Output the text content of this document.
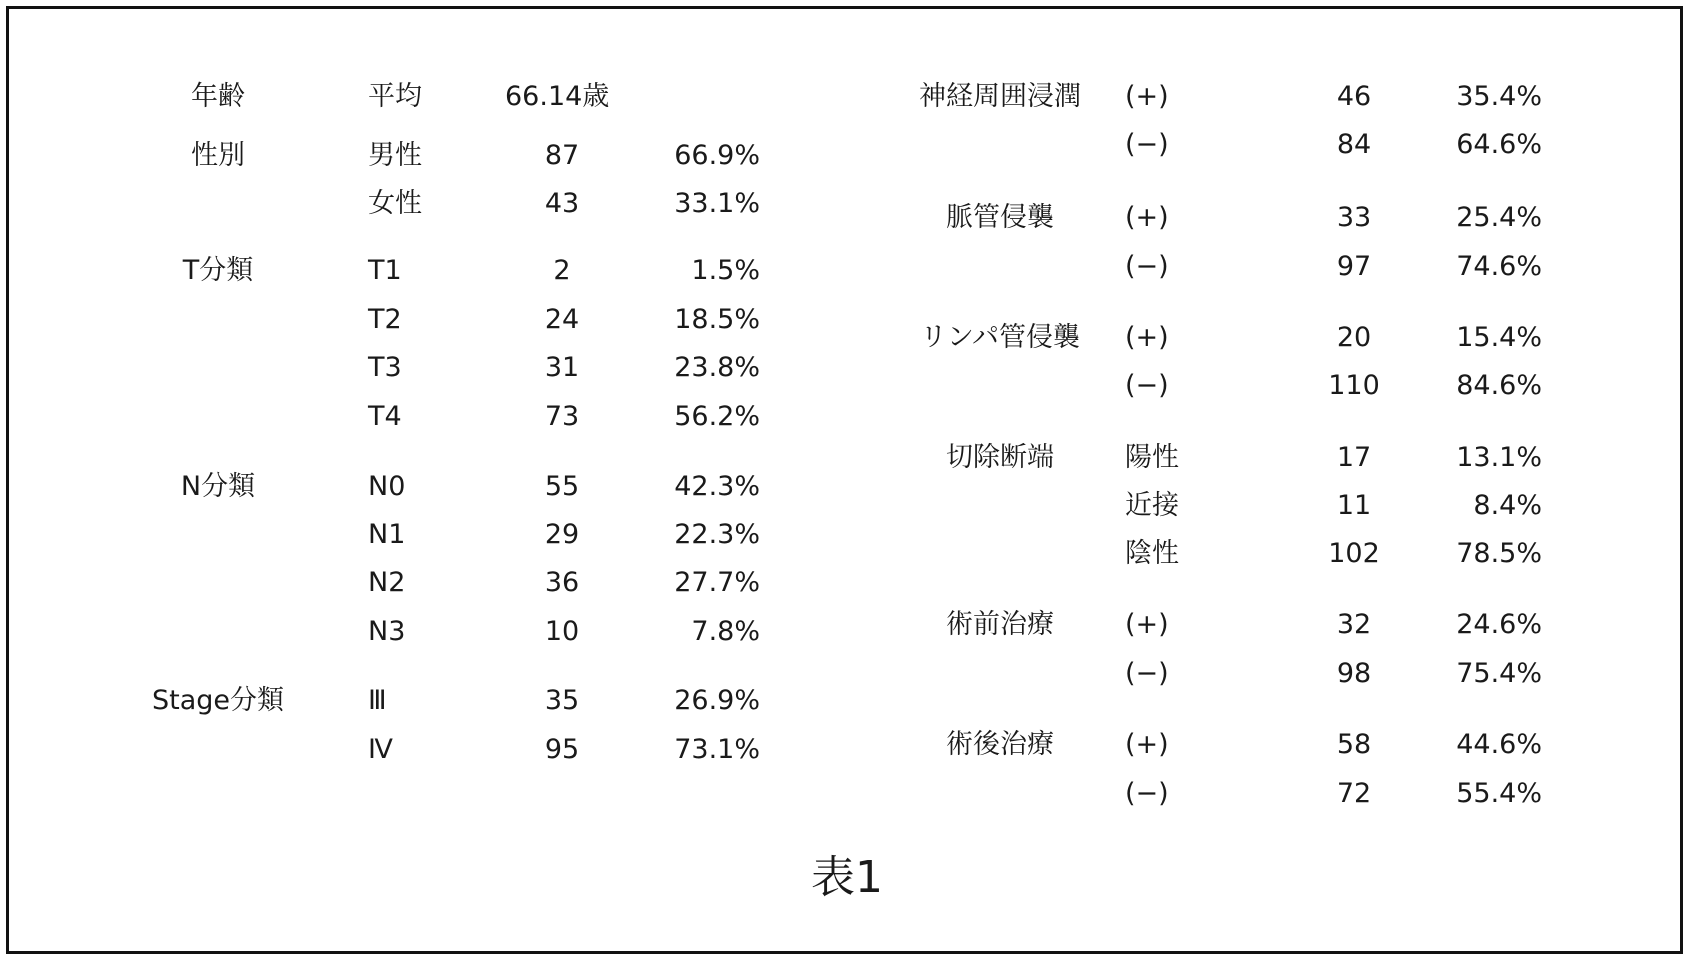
年齢	平均	66.14歳
性別	男性	87	66.9%
女性	43	33.1%
T分類	T1	2	1.5%
T2	24	18.5%
T3	31	23.8%
T4	73	56.2%
N分類	N0	55	42.3%
N1	29	22.3%
N2	36	27.7%
N3	10	7.8%
Stage分類	Ⅲ	35	26.9%
Ⅳ	95	73.1%
神経周囲浸潤	(+)	46	35.4%
(−)	84	64.6%
脈管侵襲	(+)	33	25.4%
(−)	97	74.6%
リンパ管侵襲	(+)	20	15.4%
(−)	110	84.6%
切除断端	陽性	17	13.1%
近接	11	8.4%
陰性	102	78.5%
術前治療	(+)	32	24.6%
(−)	98	75.4%
術後治療	(+)	58	44.6%
(−)	72	55.4%
表1
